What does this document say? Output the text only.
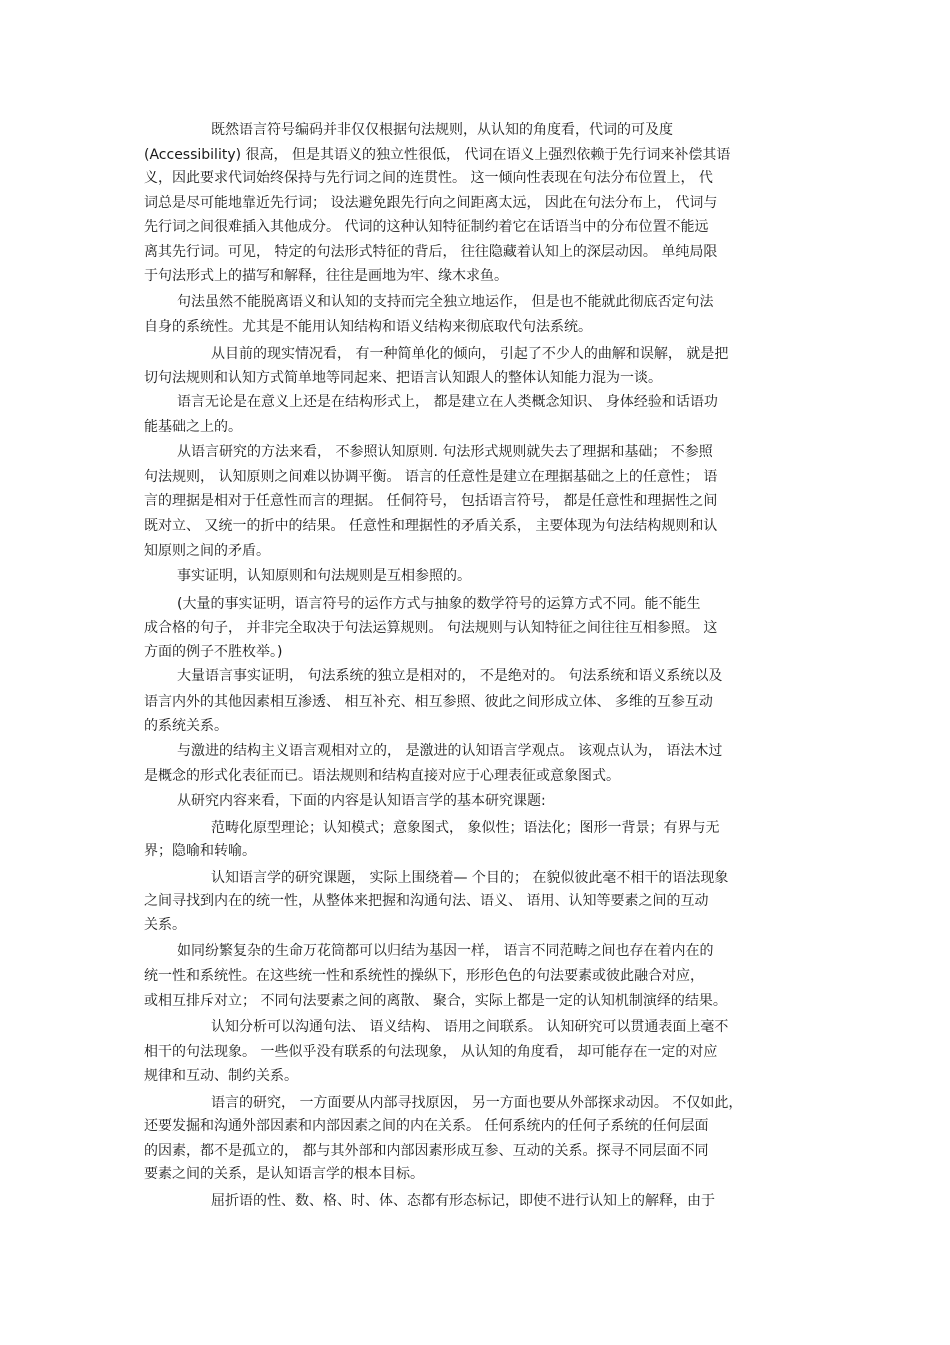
既然语言符号编码并非仅仅根据句法规则，从认知的角度看，代词的可及度
(Accessibility) 很高， 但是其语义的独立性很低， 代词在语义上强烈依赖于先行词来补偿其语
义，因此要求代词始终保持与先行词之间的连贯性。 这一倾向性表现在句法分布位置上， 代
词总是尽可能地靠近先行词； 设法避免跟先行向之间距离太远， 因此在句法分布上， 代词与
先行词之间很难插入其他成分。 代词的这种认知特征制约着它在话语当中的分布位置不能远
离其先行词。可见， 特定的句法形式特征的背后， 往往隐藏着认知上的深层动因。 单纯局限
于句法形式上的描写和解释，往往是画地为牢、缘木求鱼。
句法虽然不能脱离语义和认知的支持而完全独立地运作， 但是也不能就此彻底否定句法
自身的系统性。尤其是不能用认知结构和语义结构来彻底取代句法系统。
从目前的现实情况看， 有一种简单化的倾向， 引起了不少人的曲解和误解， 就是把
切句法规则和认知方式简单地等同起来、把语言认知跟人的整体认知能力混为一谈。
语言无论是在意义上还是在结构形式上， 都是建立在人类概念知识、 身体经验和话语功
能基础之上的。
从语言研究的方法来看， 不参照认知原则. 句法形式规则就失去了理据和基础； 不参照
句法规则， 认知原则之间难以协调平衡。 语言的任意性是建立在理据基础之上的任意性； 语
言的理据是相对于任意性而言的理据。 任侗符号， 包括语言符号， 都是任意性和理据性之间
既对立、 又统一的折中的结果。 任意性和理据性的矛盾关系， 主要体现为句法结构规则和认
知原则之间的矛盾。
事实证明，认知原则和句法规则是互相参照的。
(大量的事实证明，语言符号的运作方式与抽象的数学符号的运算方式不同。能不能生
成合格的句子， 并非完全取决于句法运算规则。 句法规则与认知特征之间往往互相参照。 这
方面的例子不胜枚举。)
大量语言事实证明， 句法系统的独立是相对的， 不是绝对的。 句法系统和语义系统以及
语言内外的其他因素相互渗透、 相互补充、相互参照、彼此之间形成立体、 多维的互参互动
的系统关系。
与激进的结构主义语言观相对立的， 是激进的认知语言学观点。 该观点认为， 语法木过
是概念的形式化表征而已。语法规则和结构直接对应于心理表征或意象图式。
从研究内容来看，下面的内容是认知语言学的基本研究课题:
范畴化原型理论；认知模式；意象图式， 象似性；语法化；图形一背景；有界与无
界；隐喻和转喻。
认知语言学的研究课题， 实际上围绕着— 个目的； 在貌似彼此毫不相干的语法现象
之间寻找到内在的统一性，从整体来把握和沟通句法、语义、 语用、认知等要素之间的互动
关系。
如同纷繁复杂的生命万花筒都可以归结为基因一样， 语言不同范畴之间也存在着内在的
统一性和系统性。在这些统一性和系统性的操纵下，形形色色的句法要素或彼此融合对应，
或相互排斥对立； 不同句法要素之间的离散、 聚合，实际上都是一定的认知机制演绎的结果。
认知分析可以沟通句法、 语义结构、 语用之间联系。 认知研究可以贯通表面上毫不
相干的句法现象。 一些似乎没有联系的句法现象， 从认知的角度看， 却可能存在一定的对应
规律和互动、制约关系。
语言的研究， 一方面要从内部寻找原因， 另一方面也要从外部探求动因。 不仅如此，
还要发掘和沟通外部因素和内部因素之间的内在关系。 任何系统内的任何子系统的任何层面
的因素，都不是孤立的， 都与其外部和内部因素形成互参、互动的关系。探寻不同层面不同
要素之间的关系，是认知语言学的根本目标。
屈折语的性、数、格、时、体、态都有形态标记，即使不进行认知上的解释，由于
